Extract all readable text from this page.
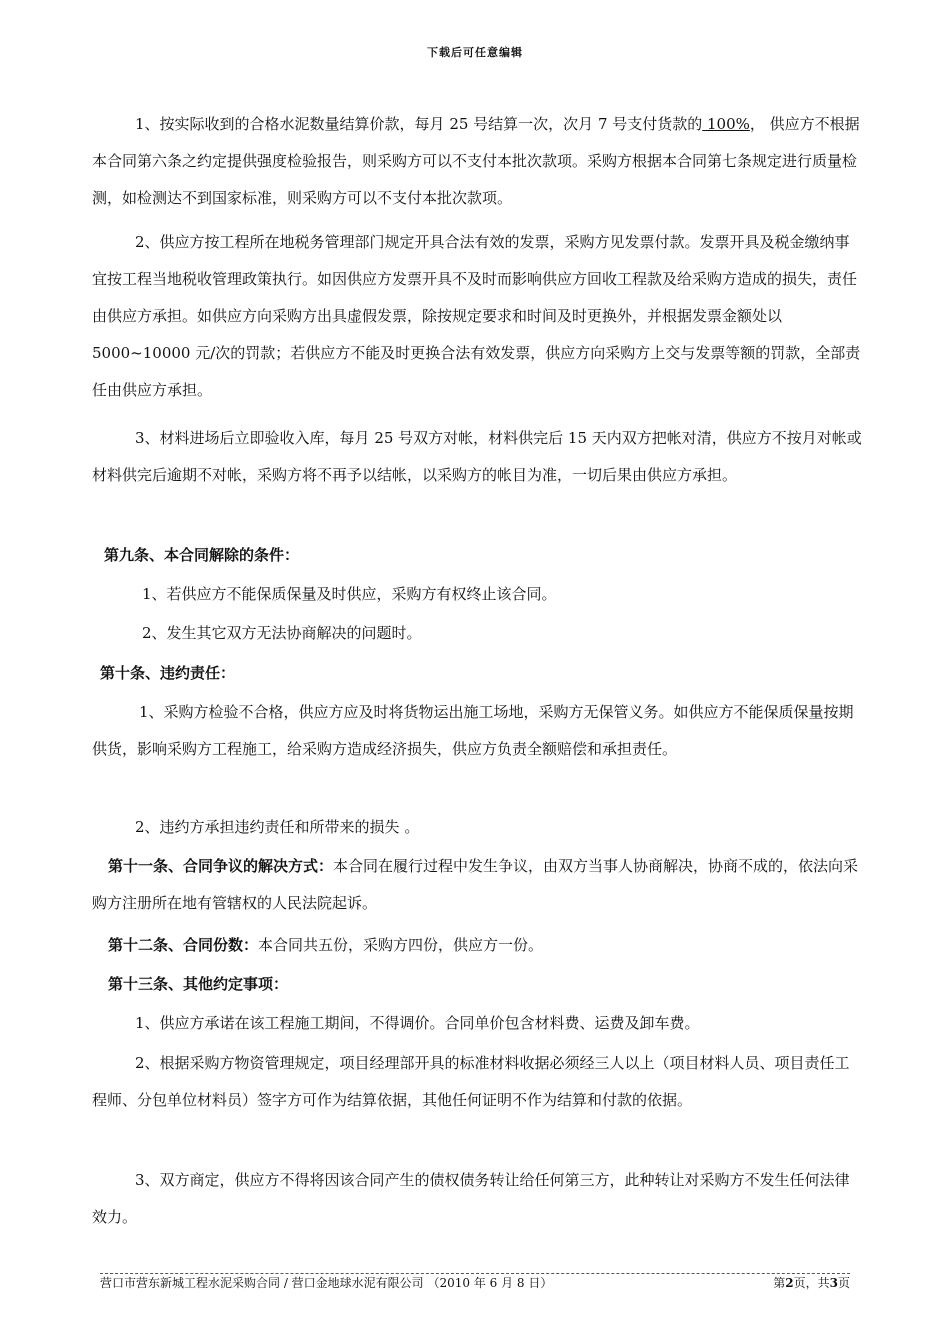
下载后可任意编辑

1、按实际收到的合格水泥数量结算价款，每月 25 号结算一次，次月 7 号支付货款的 100%， 供应方不根据本合同第六条之约定提供强度检验报告，则采购方可以不支付本批次款项。采购方根据本合同第七条规定进行质量检测，如检测达不到国家标准，则采购方可以不支付本批次款项。

2、供应方按工程所在地税务管理部门规定开具合法有效的发票，采购方见发票付款。发票开具及税金缴纳事宜按工程当地税收管理政策执行。如因供应方发票开具不及时而影响供应方回收工程款及给采购方造成的损失，责任由供应方承担。如供应方向采购方出具虚假发票，除按规定要求和时间及时更换外，并根据发票金额处以 5000~10000 元/次的罚款；若供应方不能及时更换合法有效发票，供应方向采购方上交与发票等额的罚款，全部责任由供应方承担。

3、材料进场后立即验收入库，每月 25 号双方对帐，材料供完后 15 天内双方把帐对清，供应方不按月对帐或材料供完后逾期不对帐，采购方将不再予以结帐，以采购方的帐目为准，一切后果由供应方承担。

第九条、本合同解除的条件：

1、若供应方不能保质保量及时供应，采购方有权终止该合同。

2、发生其它双方无法协商解决的问题时。

第十条、违约责任：

1、采购方检验不合格，供应方应及时将货物运出施工场地，采购方无保管义务。如供应方不能保质保量按期供货，影响采购方工程施工，给采购方造成经济损失，供应方负责全额赔偿和承担责任。

2、违约方承担违约责任和所带来的损失 。

第十一条、合同争议的解决方式：本合同在履行过程中发生争议，由双方当事人协商解决，协商不成的，依法向采购方注册所在地有管辖权的人民法院起诉。

第十二条、合同份数：本合同共五份，采购方四份，供应方一份。

第十三条、其他约定事项：

1、供应方承诺在该工程施工期间，不得调价。合同单价包含材料费、运费及卸车费。

2、根据采购方物资管理规定，项目经理部开具的标准材料收据必须经三人以上（项目材料人员、项目责任工程师、分包单位材料员）签字方可作为结算依据，其他任何证明不作为结算和付款的依据。

3、双方商定，供应方不得将因该合同产生的债权债务转让给任何第三方，此种转让对采购方不发生任何法律效力。

营口市营东新城工程水泥采购合同 / 营口金地球水泥有限公司 （2010 年 6 月 8 日）	第2页，共3页
